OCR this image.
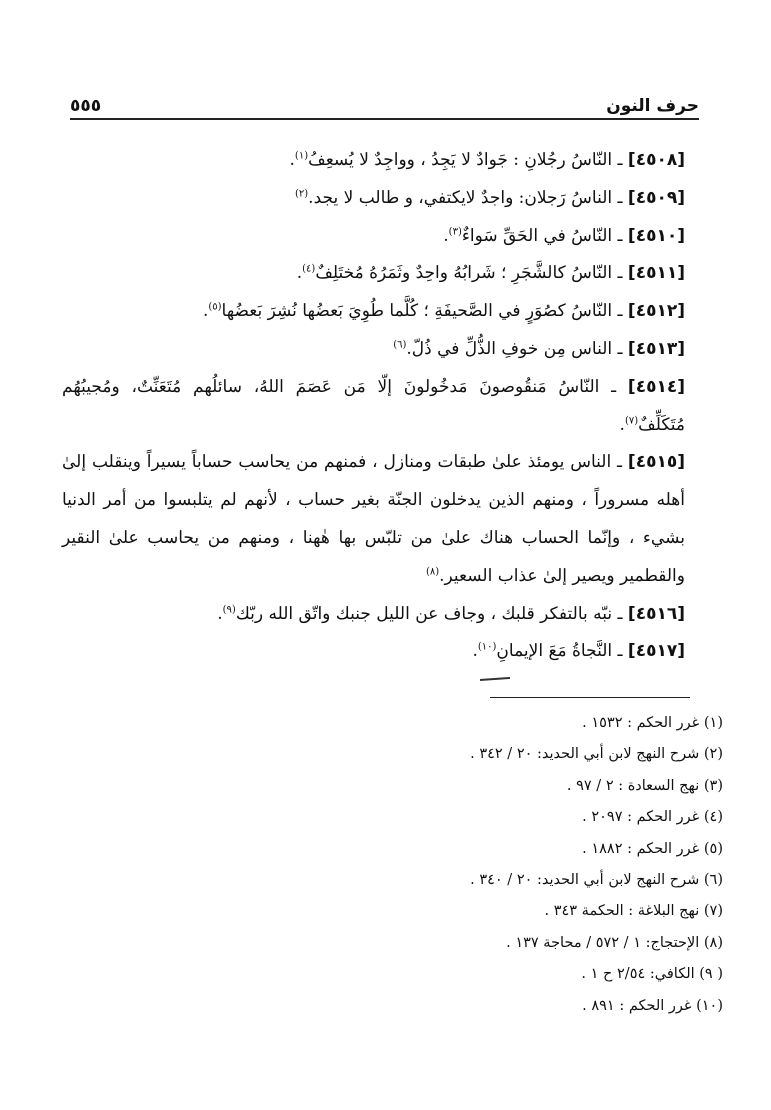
حرف النون
٥٥٥

[٤٥٠٨] ـ النّاسُ رجُلانِ : جَوادٌ لا يَجِدُ ، وواجِدٌ لا يُسعِفُ$^{(١)}$.

[٤٥٠٩] ـ الناسُ رَجلان: واجدٌ لايكتفي، و طالب لا يجد.$^{(٢)}$

[٤٥١٠] ـ النّاسُ في الحَقِّ سَواءٌ$^{(٣)}$.

[٤٥١١] ـ النّاسُ كالشَّجَرِ ؛ شَرابُهُ واحِدٌ وثَمَرُهُ مُختَلِفٌ$^{(٤)}$.

[٤٥١٢] ـ النّاسُ كصُوَرٍ في الصَّحيفَةِ ؛ كُلَّما طُوِيَ بَعضُها نُشِرَ بَعضُها$^{(٥)}$.

[٤٥١٣] ـ الناس مِن خوفِ الذُّلِّ في ذُلّ.$^{(٦)}$

[٤٥١٤] ـ النّاسُ مَنقُوصونَ مَدخُولونَ إلّا مَن عَصَمَ اللهُ، سائلُهم مُتَعَنِّتٌ، ومُجيبُهُم مُتَكَلِّفٌ$^{(٧)}$.

[٤٥١٥] ـ الناس يومئذ علىٰ طبقات ومنازل ، فمنهم من يحاسب حساباً يسيراً وينقلب إلىٰ أهله مسروراً ، ومنهم الذين يدخلون الجنّة بغير حساب ، لأنهم لم يتلبسوا من أمر الدنيا بشيء ، وإنّما الحساب هناك علىٰ من تلبّس بها هٰهنا ، ومنهم من يحاسب علىٰ النقير والقطمير ويصير إلىٰ عذاب السعير.$^{(٨)}$

[٤٥١٦] ـ نبّه بالتفكر قلبك ، وجاف عن الليل جنبك واتّق الله ربّك$^{(٩)}$.

[٤٥١٧] ـ النَّجاةُ مَعَ الإيمانِ$^{(١٠)}$.

(١) غرر الحكم : ١٥٣٢ .

(٢) شرح النهج لابن أبي الحديد: ٢٠ / ٣٤٢ .

(٣) نهج السعادة : ٢ / ٩٧ .

(٤) غرر الحكم : ٢٠٩٧ .

(٥) غرر الحكم : ١٨٨٢ .

(٦) شرح النهج لابن أبي الحديد: ٢٠ / ٣٤٠ .

(٧) نهج البلاغة : الحكمة ٣٤٣ .

(٨) الإحتجاج: ١ / ٥٧٢ / محاجة ١٣٧ .

( ٩) الكافي: ٢/٥٤ ح ١ .

(١٠) غرر الحكم : ٨٩١ .
